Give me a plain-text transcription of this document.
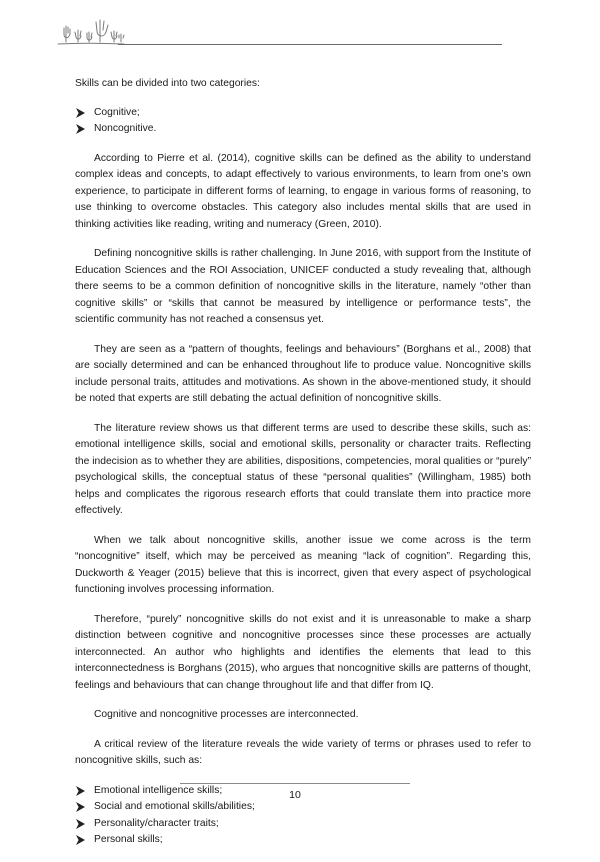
Skills can be divided into two categories:

Cognitive;
Noncognitive.

According to Pierre et al. (2014), cognitive skills can be defined as the ability to understand complex ideas and concepts, to adapt effectively to various environments, to learn from one’s own experience, to participate in different forms of learning, to engage in various forms of reasoning, to use thinking to overcome obstacles. This category also includes mental skills that are used in thinking activities like reading, writing and numeracy (Green, 2010).

Defining noncognitive skills is rather challenging. In June 2016, with support from the Institute of Education Sciences and the ROI Association, UNICEF conducted a study revealing that, although there seems to be a common definition of noncognitive skills in the literature, namely “other than cognitive skills” or “skills that cannot be measured by intelligence or performance tests”, the scientific community has not reached a consensus yet.

They are seen as a “pattern of thoughts, feelings and behaviours” (Borghans et al., 2008) that are socially determined and can be enhanced throughout life to produce value. Noncognitive skills include personal traits, attitudes and motivations. As shown in the above-mentioned study, it should be noted that experts are still debating the actual definition of noncognitive skills.

The literature review shows us that different terms are used to describe these skills, such as: emotional intelligence skills, social and emotional skills, personality or character traits. Reflecting the indecision as to whether they are abilities, dispositions, competencies, moral qualities or “purely” psychological skills, the conceptual status of these “personal qualities” (Willingham, 1985) both helps and complicates the rigorous research efforts that could translate them into practice more effectively.

When we talk about noncognitive skills, another issue we come across is the term “noncognitive” itself, which may be perceived as meaning “lack of cognition”. Regarding this, Duckworth & Yeager (2015) believe that this is incorrect, given that every aspect of psychological functioning involves processing information.

Therefore, “purely” noncognitive skills do not exist and it is unreasonable to make a sharp distinction between cognitive and noncognitive processes since these processes are actually interconnected. An author who highlights and identifies the elements that lead to this interconnectedness is Borghans (2015), who argues that noncognitive skills are patterns of thought, feelings and behaviours that can change throughout life and that differ from IQ.

Cognitive and noncognitive processes are interconnected.

A critical review of the literature reveals the wide variety of terms or phrases used to refer to noncognitive skills, such as:

Emotional intelligence skills;
Social and emotional skills/abilities;
Personality/character traits;
Personal skills;
10
